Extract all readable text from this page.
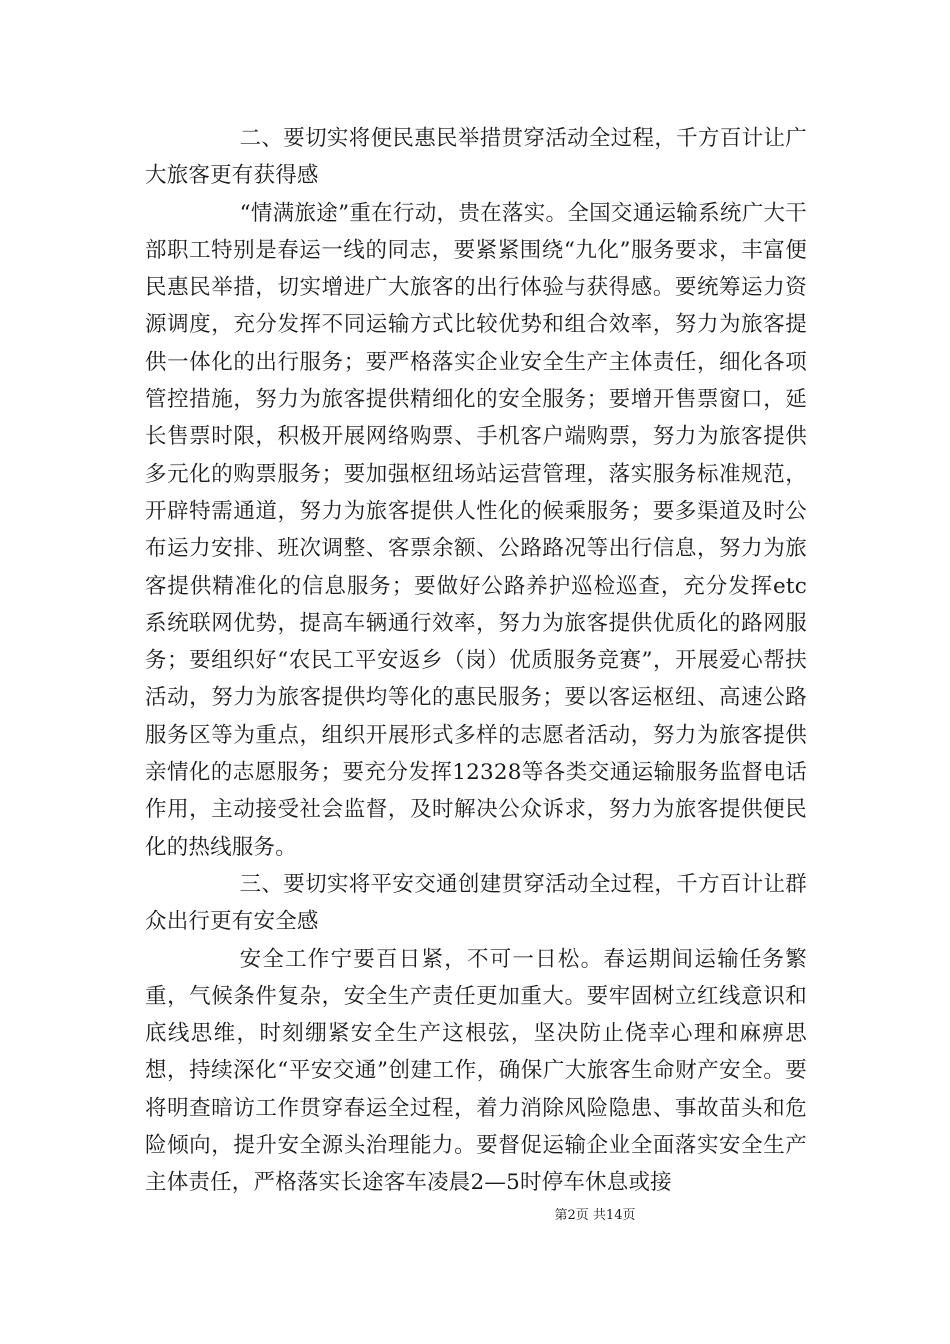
二、要切实将便民惠民举措贯穿活动全过程，千方百计让广大旅客更有获得感

“情满旅途”重在行动，贵在落实。全国交通运输系统广大干部职工特别是春运一线的同志，要紧紧围绕“九化”服务要求，丰富便民惠民举措，切实增进广大旅客的出行体验与获得感。要统筹运力资源调度，充分发挥不同运输方式比较优势和组合效率，努力为旅客提供一体化的出行服务；要严格落实企业安全生产主体责任，细化各项管控措施，努力为旅客提供精细化的安全服务；要增开售票窗口，延长售票时限，积极开展网络购票、手机客户端购票，努力为旅客提供多元化的购票服务；要加强枢纽场站运营管理，落实服务标准规范，开辟特需通道，努力为旅客提供人性化的候乘服务；要多渠道及时公布运力安排、班次调整、客票余额、公路路况等出行信息，努力为旅客提供精准化的信息服务；要做好公路养护巡检巡查，充分发挥etc系统联网优势，提高车辆通行效率，努力为旅客提供优质化的路网服务；要组织好“农民工平安返乡（岗）优质服务竞赛”，开展爱心帮扶活动，努力为旅客提供均等化的惠民服务；要以客运枢纽、高速公路服务区等为重点，组织开展形式多样的志愿者活动，努力为旅客提供亲情化的志愿服务；要充分发挥12328等各类交通运输服务监督电话作用，主动接受社会监督，及时解决公众诉求，努力为旅客提供便民化的热线服务。

三、要切实将平安交通创建贯穿活动全过程，千方百计让群众出行更有安全感

安全工作宁要百日紧，不可一日松。春运期间运输任务繁重，气候条件复杂，安全生产责任更加重大。要牢固树立红线意识和底线思维，时刻绷紧安全生产这根弦，坚决防止侥幸心理和麻痹思想，持续深化“平安交通”创建工作，确保广大旅客生命财产安全。要将明查暗访工作贯穿春运全过程，着力消除风险隐患、事故苗头和危险倾向，提升安全源头治理能力。要督促运输企业全面落实安全生产主体责任，严格落实长途客车凌晨2—5时停车休息或接

第2页 共14页
